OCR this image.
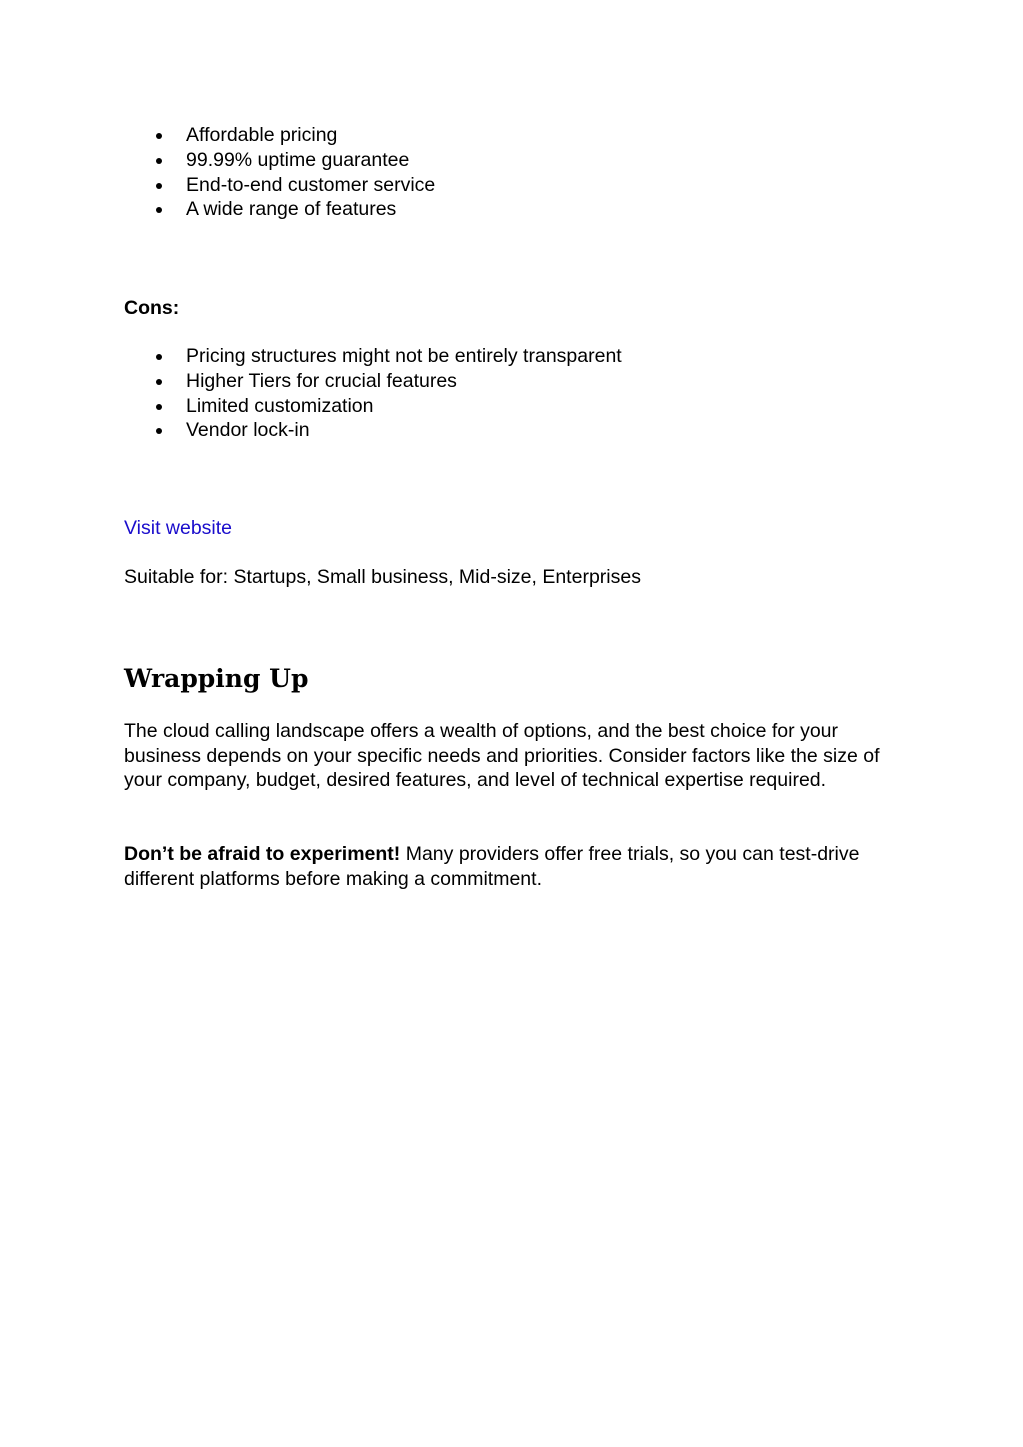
Affordable pricing
99.99% uptime guarantee
End-to-end customer service
A wide range of features
Cons:
Pricing structures might not be entirely transparent
Higher Tiers for crucial features
Limited customization
Vendor lock-in
Visit website
Suitable for: Startups, Small business, Mid-size, Enterprises
Wrapping Up

The cloud calling landscape offers a wealth of options, and the best choice for your business depends on your specific needs and priorities. Consider factors like the size of your company, budget, desired features, and level of technical expertise required.

Don’t be afraid to experiment! Many providers offer free trials, so you can test-drive different platforms before making a commitment.
